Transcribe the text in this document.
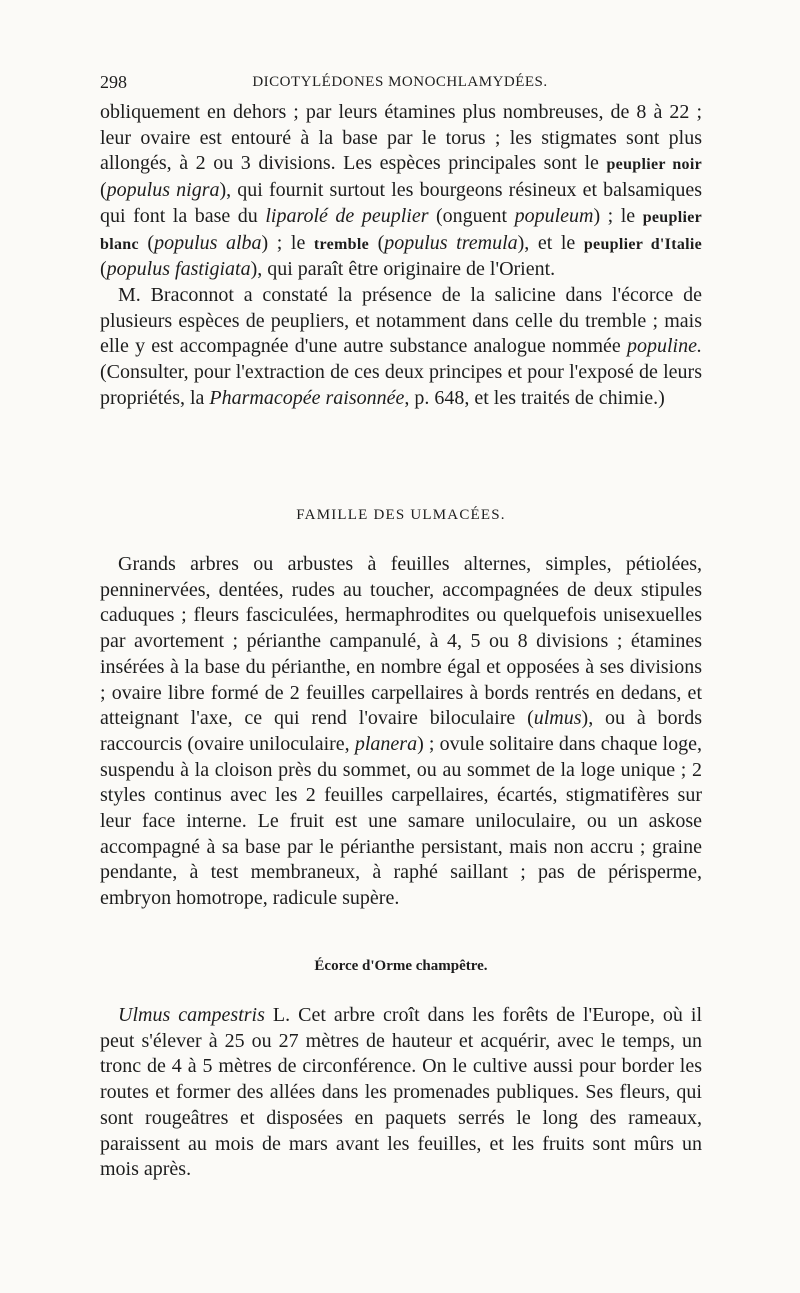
298	DICOTYLÉDONES MONOCHLAMYDÉES.

obliquement en dehors ; par leurs étamines plus nombreuses, de 8 à 22 ; leur ovaire est entouré à la base par le torus ; les stigmates sont plus allongés, à 2 ou 3 divisions. Les espèces principales sont le peuplier noir (populus nigra), qui fournit surtout les bourgeons résineux et balsamiques qui font la base du liparolé de peuplier (onguent populeum) ; le peuplier blanc (populus alba) ; le tremble (populus tremula), et le peuplier d'Italie (populus fastigiata), qui paraît être originaire de l'Orient.

M. Braconnot a constaté la présence de la salicine dans l'écorce de plusieurs espèces de peupliers, et notamment dans celle du tremble ; mais elle y est accompagnée d'une autre substance analogue nommée populine. (Consulter, pour l'extraction de ces deux principes et pour l'exposé de leurs propriétés, la Pharmacopée raisonnée, p. 648, et les traités de chimie.)

FAMILLE DES ULMACÉES.

Grands arbres ou arbustes à feuilles alternes, simples, pétiolées, penninervées, dentées, rudes au toucher, accompagnées de deux stipules caduques ; fleurs fasciculées, hermaphrodites ou quelquefois unisexuelles par avortement ; périanthe campanulé, à 4, 5 ou 8 divisions ; étamines insérées à la base du périanthe, en nombre égal et opposées à ses divisions ; ovaire libre formé de 2 feuilles carpellaires à bords rentrés en dedans, et atteignant l'axe, ce qui rend l'ovaire biloculaire (ulmus), ou à bords raccourcis (ovaire uniloculaire, planera) ; ovule solitaire dans chaque loge, suspendu à la cloison près du sommet, ou au sommet de la loge unique ; 2 styles continus avec les 2 feuilles carpellaires, écartés, stigmatifères sur leur face interne. Le fruit est une samare uniloculaire, ou un askose accompagné à sa base par le périanthe persistant, mais non accru ; graine pendante, à test membraneux, à raphé saillant ; pas de périsperme, embryon homotrope, radicule supère.

Écorce d'Orme champêtre.

Ulmus campestris L. Cet arbre croît dans les forêts de l'Europe, où il peut s'élever à 25 ou 27 mètres de hauteur et acquérir, avec le temps, un tronc de 4 à 5 mètres de circonférence. On le cultive aussi pour border les routes et former des allées dans les promenades publiques. Ses fleurs, qui sont rougeâtres et disposées en paquets serrés le long des rameaux, paraissent au mois de mars avant les feuilles, et les fruits sont mûrs un mois après.
